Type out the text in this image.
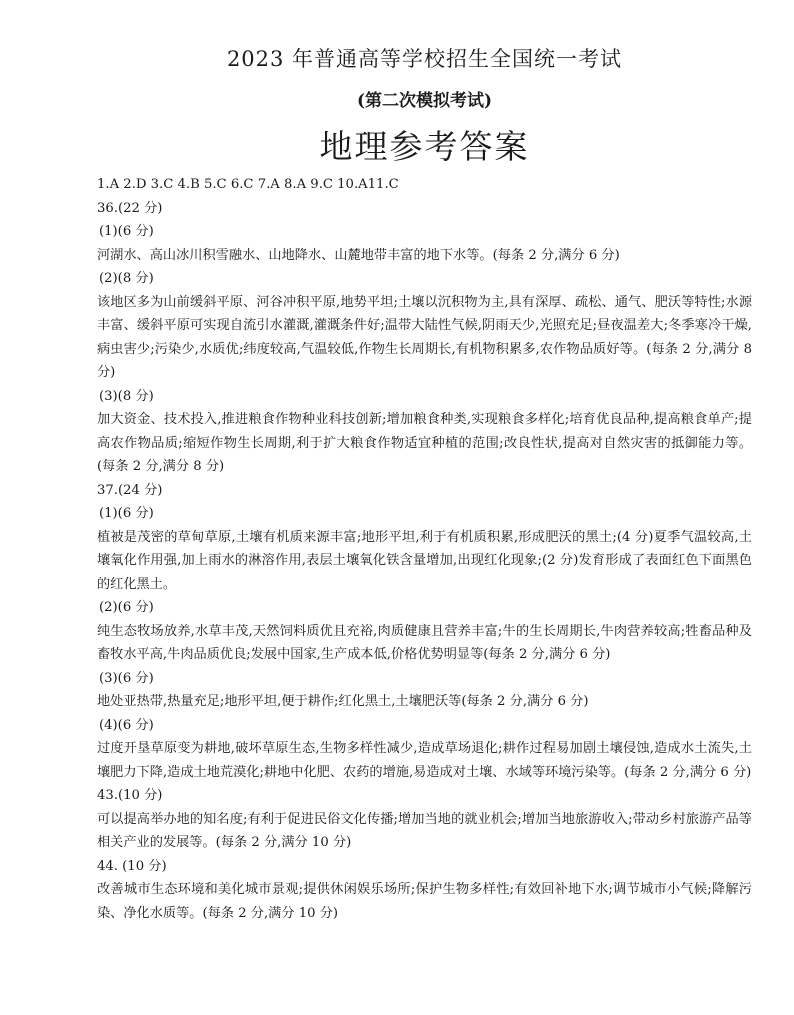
2023 年普通高等学校招生全国统一考试
(第二次模拟考试)
地理参考答案
1.A 2.D 3.C 4.B 5.C 6.C 7.A 8.A 9.C 10.A11.C
36.(22 分)
(1)(6 分)
河湖水、高山冰川积雪融水、山地降水、山麓地带丰富的地下水等。(每条 2 分,满分 6 分)
(2)(8 分)
该地区多为山前缓斜平原、河谷冲积平原,地势平坦;土壤以沉积物为主,具有深厚、疏松、通气、肥沃等特性;水源丰富、缓斜平原可实现自流引水灌溉,灌溉条件好;温带大陆性气候,阴雨天少,光照充足;昼夜温差大;冬季寒冷干燥,病虫害少;污染少,水质优;纬度较高,气温较低,作物生长周期长,有机物积累多,农作物品质好等。(每条 2 分,满分 8 分)
(3)(8 分)
加大资金、技术投入,推进粮食作物种业科技创新;增加粮食种类,实现粮食多样化;培育优良品种,提高粮食单产;提高农作物品质;缩短作物生长周期,利于扩大粮食作物适宜种植的范围;改良性状,提高对自然灾害的抵御能力等。(每条 2 分,满分 8 分)
37.(24 分)
(1)(6 分)
植被是茂密的草甸草原,土壤有机质来源丰富;地形平坦,利于有机质积累,形成肥沃的黑土;(4 分)夏季气温较高,土壤氧化作用强,加上雨水的淋溶作用,表层土壤氧化铁含量增加,出现红化现象;(2 分)发育形成了表面红色下面黑色的红化黑土。
(2)(6 分)
纯生态牧场放养,水草丰茂,天然饲料质优且充裕,肉质健康且营养丰富;牛的生长周期长,牛肉营养较高;牲畜品种及畜牧水平高,牛肉品质优良;发展中国家,生产成本低,价格优势明显等(每条 2 分,满分 6 分)
(3)(6 分)
地处亚热带,热量充足;地形平坦,便于耕作;红化黑土,土壤肥沃等(每条 2 分,满分 6 分)
(4)(6 分)
过度开垦草原变为耕地,破坏草原生态,生物多样性减少,造成草场退化;耕作过程易加剧土壤侵蚀,造成水土流失,土壤肥力下降,造成土地荒漠化;耕地中化肥、农药的增施,易造成对土壤、水域等环境污染等。(每条 2 分,满分 6 分)
43.(10 分)
可以提高举办地的知名度;有利于促进民俗文化传播;增加当地的就业机会;增加当地旅游收入;带动乡村旅游产品等相关产业的发展等。(每条 2 分,满分 10 分)
44. (10 分)
改善城市生态环境和美化城市景观;提供休闲娱乐场所;保护生物多样性;有效回补地下水;调节城市小气候;降解污染、净化水质等。(每条 2 分,满分 10 分)
